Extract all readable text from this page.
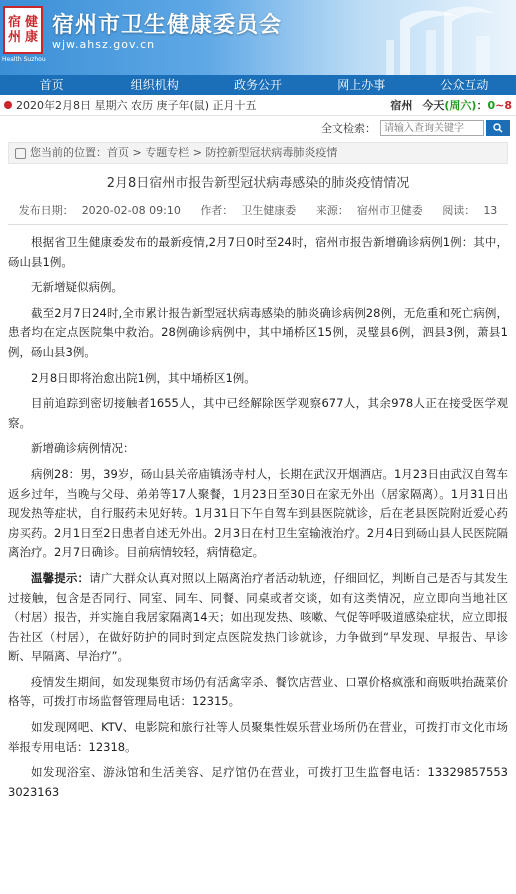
宿 健
州 康
Health Suzhou
宿州市卫生健康委员会
wjw.ahsz.gov.cn
首页	组织机构	政务公开	网上办事	公众互动
2020年2月8日 星期六 农历 庚子年(鼠) 正月十五	宿州 今天(周六)：0~8
全文检索：
请输入查询关键字
您当前的位置：首页 > 专题专栏 > 防控新型冠状病毒肺炎疫情
2月8日宿州市报告新型冠状病毒感染的肺炎疫情情况
发布日期： 2020-02-08 09:10 作者： 卫生健康委 来源： 宿州市卫健委 阅读： 13

根据省卫生健康委发布的最新疫情,2月7日0时至24时，宿州市报告新增确诊病例1例：其中，砀山县1例。

无新增疑似病例。

截至2月7日24时,全市累计报告新型冠状病毒感染的肺炎确诊病例28例，无危重和死亡病例，患者均在定点医院集中救治。28例确诊病例中，其中埇桥区15例，灵璧县6例，泗县3例，萧县1例，砀山县3例。

2月8日即将治愈出院1例，其中埇桥区1例。

目前追踪到密切接触者1655人，其中已经解除医学观察677人，其余978人正在接受医学观察。

新增确诊病例情况：

病例28：男，39岁，砀山县关帝庙镇汤寺村人，长期在武汉开烟酒店。1月23日由武汉自驾车返乡过年，当晚与父母、弟弟等17人聚餐，1月23日至30日在家无外出（居家隔离）。1月31日出现发热等症状，自行服药未见好转。1月31日下午自驾车到县医院就诊，后在老县医院附近爱心药房买药。2月1日至2日患者自述无外出。2月3日在村卫生室输液治疗。2月4日到砀山县人民医院隔离治疗。2月7日确诊。目前病情较轻，病情稳定。

温馨提示：请广大群众认真对照以上隔离治疗者活动轨迹，仔细回忆，判断自己是否与其发生过接触，包含是否同行、同室、同车、同餐、同桌或者交谈，如有这类情况，应立即向当地社区（村居）报告，并实施自我居家隔离14天；如出现发热、咳嗽、气促等呼吸道感染症状，应立即报告社区（村居），在做好防护的同时到定点医院发热门诊就诊，力争做到“早发现、早报告、早诊断、早隔离、早治疗”。

疫情发生期间，如发现集贸市场仍有活禽宰杀、餐饮店营业、口罩价格疯涨和商贩哄抬蔬菜价格等，可拨打市场监督管理局电话：12315。

如发现网吧、KTV、电影院和旅行社等人员聚集性娱乐营业场所仍在营业，可拨打市文化市场举报专用电话：12318。

如发现浴室、游泳馆和生活美容、足疗馆仍在营业，可拨打卫生监督电话：13329857553 3023163
